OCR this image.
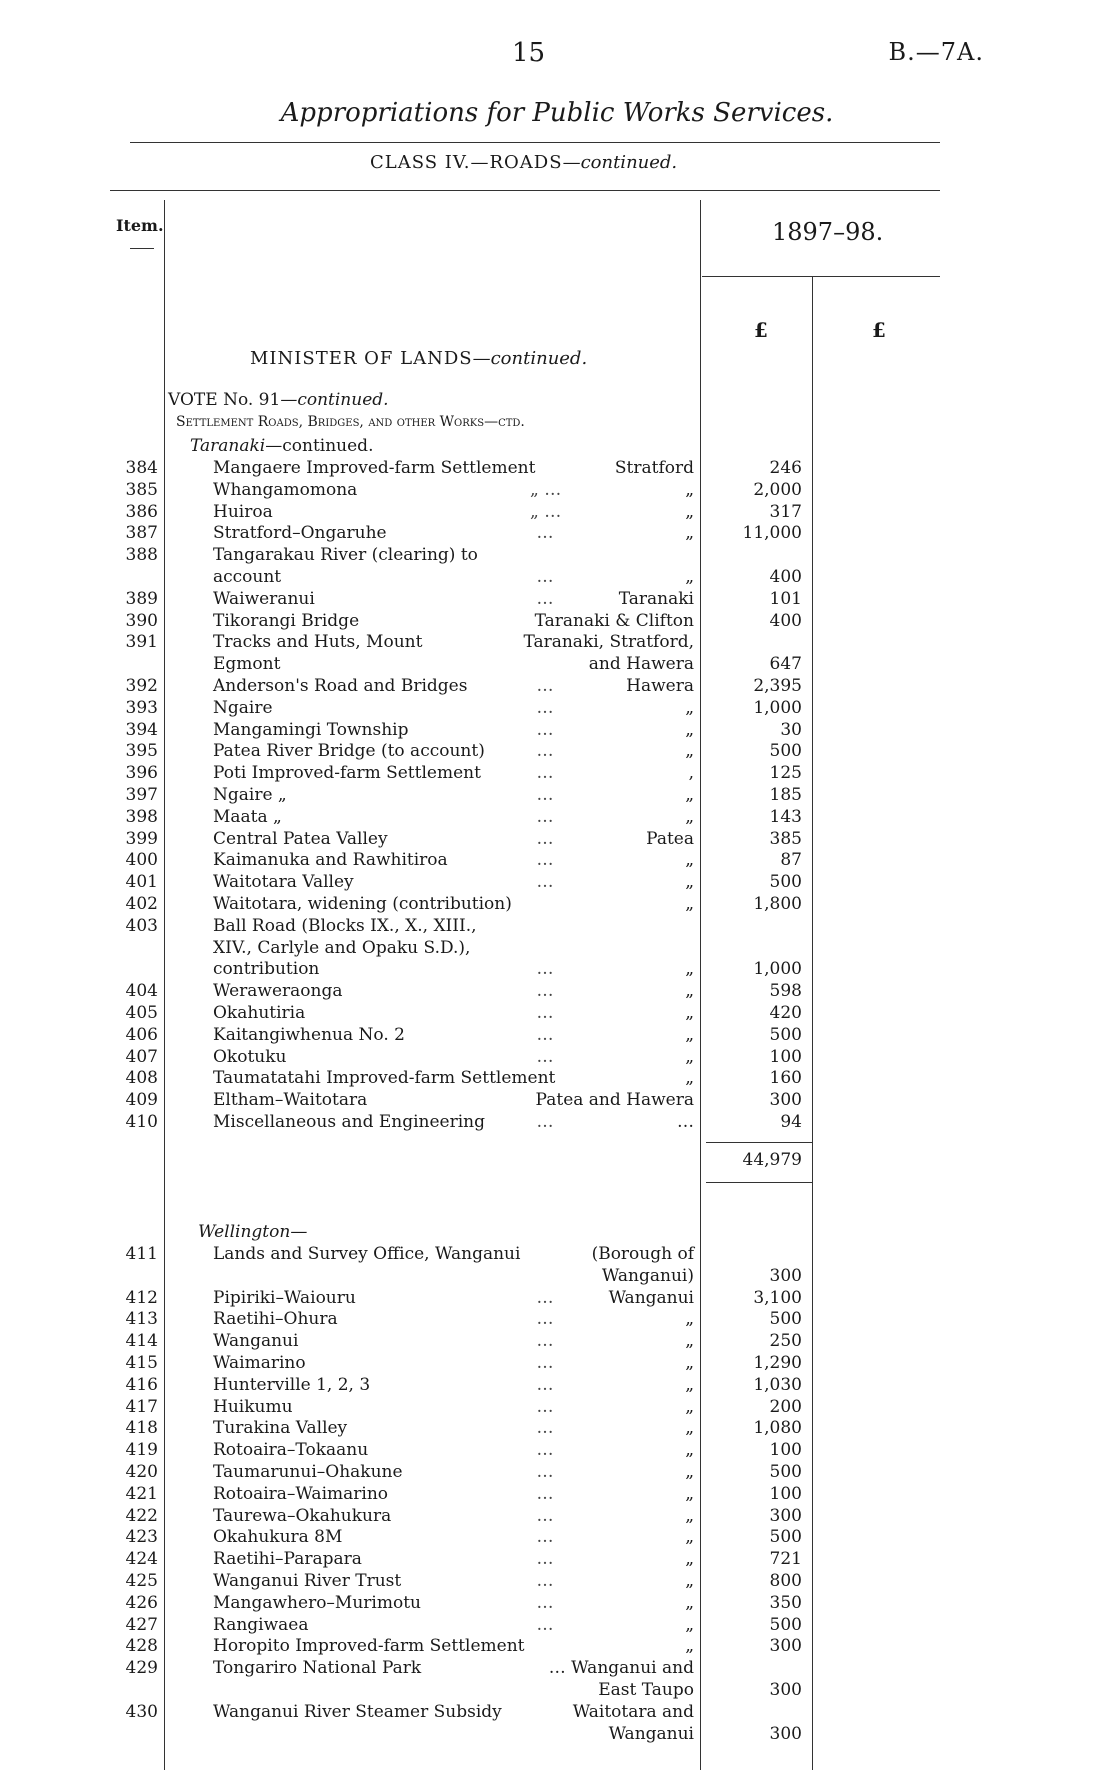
15	B.—7A.
Appropriations for Public Works Services.
CLASS IV.—ROADS—continued.
Item.	1897–98.
£	£
MINISTER OF LANDS—continued.
VOTE No. 91—continued.
Settlement Roads, Bridges, and other Works—ctd.
Taranaki—continued.
384	Mangaere Improved-farm Settlement	Stratford	246
385	Whangamomona	„ …	„	2,000
386	Huiroa	„ …	„	317
387	Stratford–Ongaruhe	…	„	11,000
388	Tangarakau River (clearing) to
account	…	„	400
389	Waiweranui	…	Taranaki	101
390	Tikorangi Bridge	Taranaki & Clifton	400
391	Tracks and Huts, Mount	Taranaki, Stratford,
Egmont	and Hawera	647
392	Anderson's Road and Bridges	…	Hawera	2,395
393	Ngaire	…	„	1,000
394	Mangamingi Township	…	„	30
395	Patea River Bridge (to account)	…	„	500
396	Poti Improved-farm Settlement	…	,	125
397	Ngaire „	…	„	185
398	Maata „	…	„	143
399	Central Patea Valley	…	Patea	385
400	Kaimanuka and Rawhitiroa	…	„	87
401	Waitotara Valley	…	„	500
402	Waitotara, widening (contribution)	„	1,800
403	Ball Road (Blocks IX., X., XIII.,
XIV., Carlyle and Opaku S.D.),
contribution	…	„	1,000
404	Weraweraonga	…	„	598
405	Okahutiria	…	„	420
406	Kaitangiwhenua No. 2	…	„	500
407	Okotuku	…	„	100
408	Taumatatahi Improved-farm Settlement	„	160
409	Eltham–Waitotara	Patea and Hawera	300
410	Miscellaneous and Engineering	…	…	94
44,979
Wellington—
411	Lands and Survey Office, Wanganui	(Borough of
Wanganui)	300
412	Pipiriki–Waiouru	…	Wanganui	3,100
413	Raetihi–Ohura	…	„	500
414	Wanganui	…	„	250
415	Waimarino	…	„	1,290
416	Hunterville 1, 2, 3	…	„	1,030
417	Huikumu	…	„	200
418	Turakina Valley	…	„	1,080
419	Rotoaira–Tokaanu	…	„	100
420	Taumarunui–Ohakune	…	„	500
421	Rotoaira–Waimarino	…	„	100
422	Taurewa–Okahukura	…	„	300
423	Okahukura 8M	…	„	500
424	Raetihi–Parapara	…	„	721
425	Wanganui River Trust	…	„	800
426	Mangawhero–Murimotu	…	„	350
427	Rangiwaea	…	„	500
428	Horopito Improved-farm Settlement	„	300
429	Tongariro National Park	… Wanganui and
East Taupo	300
430	Wanganui River Steamer Subsidy	Waitotara and
Wanganui	300
